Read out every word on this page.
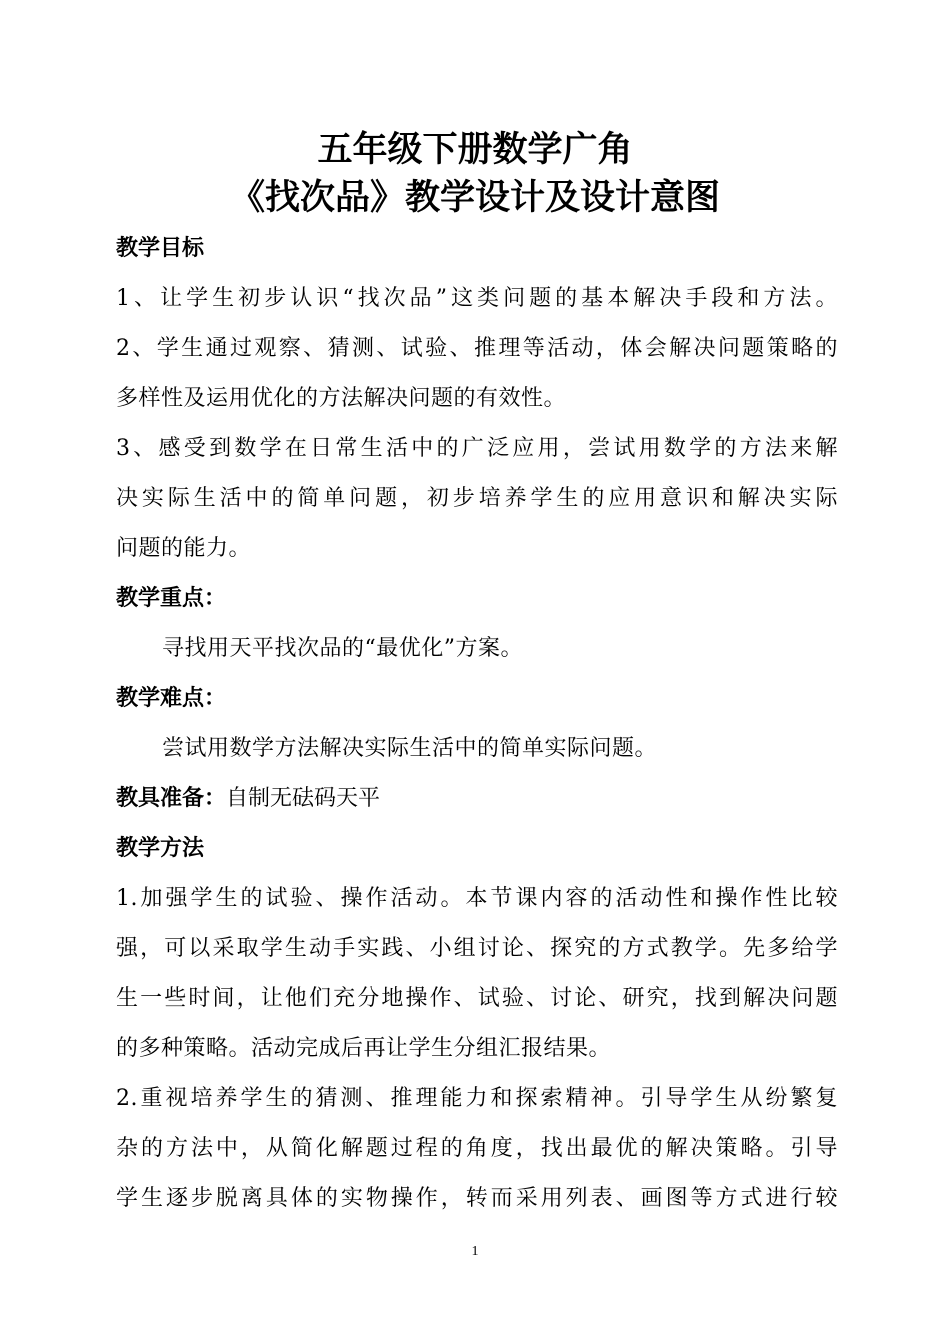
五年级下册数学广角
《找次品》教学设计及设计意图
教学目标

1、让学生初步认识“找次品”这类问题的基本解决手段和方法。

2、学生通过观察、猜测、试验、推理等活动，体会解决问题策略的

多样性及运用优化的方法解决问题的有效性。

3、感受到数学在日常生活中的广泛应用，尝试用数学的方法来解

决实际生活中的简单问题，初步培养学生的应用意识和解决实际

问题的能力。

教学重点：

寻找用天平找次品的“最优化”方案。

教学难点：

尝试用数学方法解决实际生活中的简单实际问题。

教具准备：自制无砝码天平
教学方法

1.加强学生的试验、操作活动。本节课内容的活动性和操作性比较

强，可以采取学生动手实践、小组讨论、探究的方式教学。先多给学

生一些时间，让他们充分地操作、试验、讨论、研究，找到解决问题

的多种策略。活动完成后再让学生分组汇报结果。

2.重视培养学生的猜测、推理能力和探索精神。引导学生从纷繁复

杂的方法中，从简化解题过程的角度，找出最优的解决策略。引导

学生逐步脱离具体的实物操作，转而采用列表、画图等方式进行较

1
